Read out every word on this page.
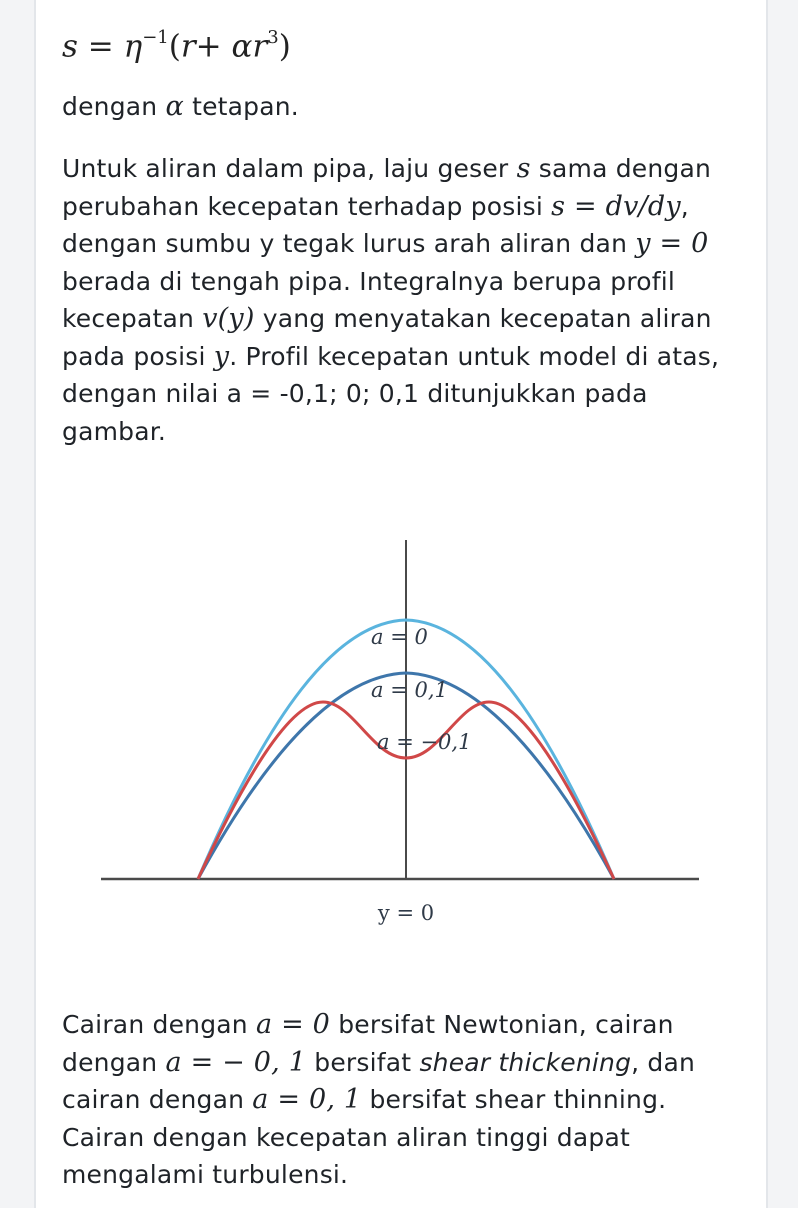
$s = \eta^{-1}(r+ \alpha r^3)$
dengan α tetapan.
Untuk aliran dalam pipa, laju geser s sama dengan perubahan kecepatan terhadap posisi s = dv/dy, dengan sumbu y tegak lurus arah aliran dan y = 0 berada di tengah pipa. Integralnya berupa profil kecepatan v(y) yang menyatakan kecepatan aliran pada posisi y. Profil kecepatan untuk model di atas, dengan nilai a = -0,1; 0; 0,1 ditunjukkan pada gambar.
a = 0
a = 0,1
a = −0,1
y = 0
Cairan dengan a = 0 bersifat Newtonian, cairan dengan a = − 0, 1 bersifat shear thickening, dan cairan dengan a = 0, 1 bersifat shear thinning. Cairan dengan kecepatan aliran tinggi dapat mengalami turbulensi.
